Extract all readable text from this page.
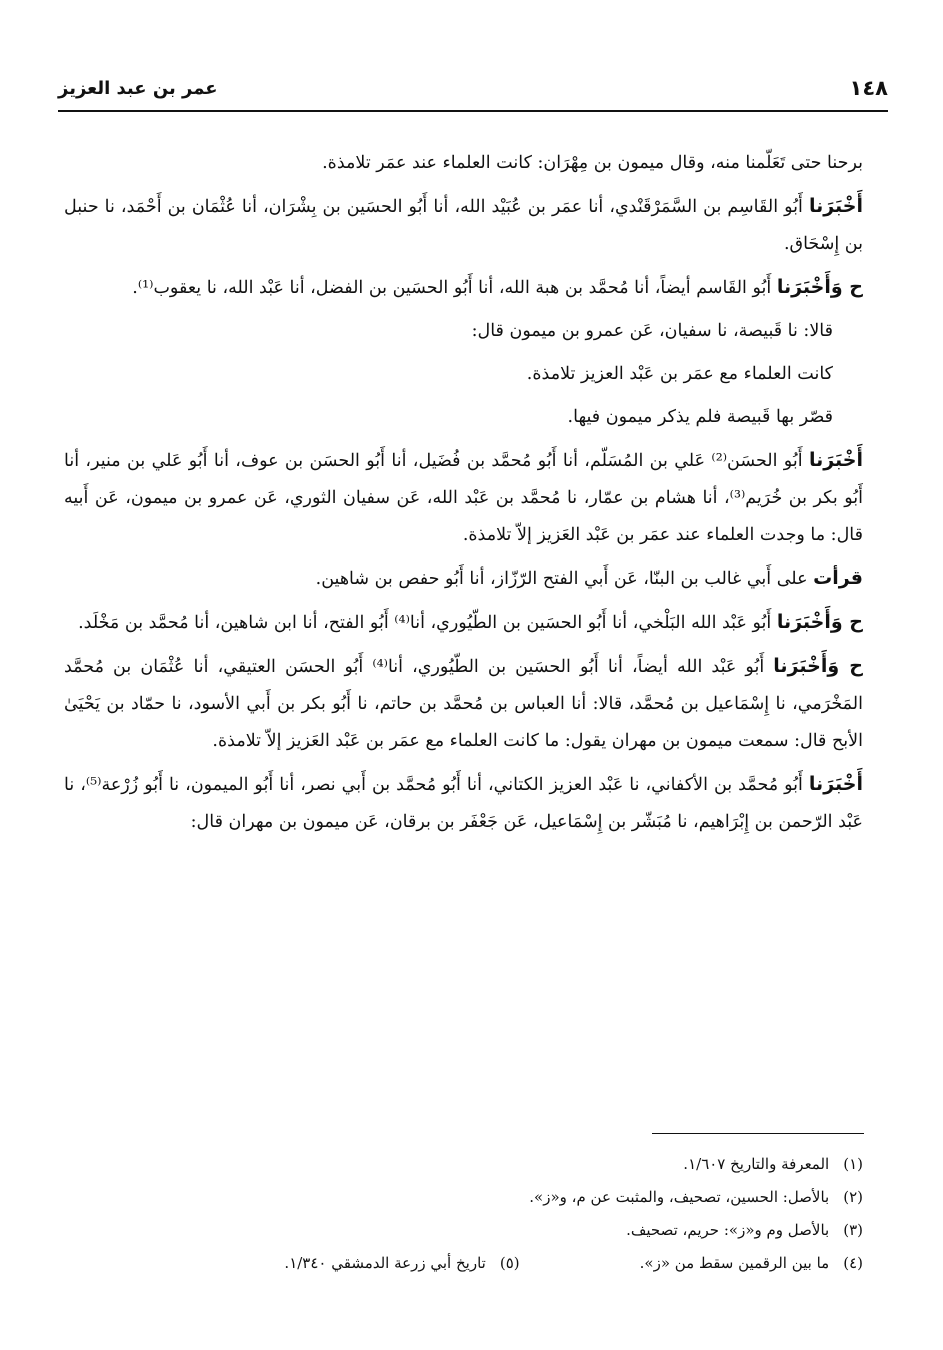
١٤٨
عمر بن عبد العزيز

برحنا حتى تَعَلّمنا منه، وقال ميمون بن مِهْرَان: كانت العلماء عند عمَر تلامذة.

أَخْبَرَنا أَبُو القَاسِم بن السَّمَرْقَنْدي، أنا عمَر بن عُبَيْد الله، أنا أَبُو الحسَين بن بِشْرَان، أنا عُثْمَان بن أَحْمَد، نا حنبل بن إِسْحَاق.

ح وَأَخْبَرَنا أَبُو القَاسم أيضاً، أنا مُحمَّد بن هبة الله، أنا أَبُو الحسَين بن الفضل، أنا عَبْد الله، نا يعقوب⁽¹⁾.

قالا: نا قَبيصة، نا سفيان، عَن عمرو بن ميمون قال:

كانت العلماء مع عمَر بن عَبْد العزيز تلامذة.

قصّر بها قَبيصة فلم يذكر ميمون فيها.

أَخْبَرَنا أَبُو الحسَن⁽²⁾ عَلي بن المُسَلّم، أنا أَبُو مُحمَّد بن فُضَيل، أنا أَبُو الحسَن بن عوف، أنا أَبُو عَلي بن منير، أنا أَبُو بكر بن خُرَيم⁽³⁾، أنا هشام بن عمّار، نا مُحمَّد بن عَبْد الله، عَن سفيان الثوري، عَن عمرو بن ميمون، عَن أَبيه قال: ما وجدت العلماء عند عمَر بن عَبْد العَزيز إلاّ تلامذة.

قرأت على أَبي غالب بن البنّا، عَن أَبي الفتح الرّزّاز، أنا أَبُو حفص بن شاهين.

ح وَأَخْبَرَنا أَبُو عَبْد الله البَلْخي، أنا أَبُو الحسَين بن الطّيُوري، أنا⁽⁴⁾ أَبُو الفتح، أنا ابن شاهين، أنا مُحمَّد بن مَخْلَد.

ح وَأَخْبَرَنا أَبُو عَبْد الله أيضاً، أنا أَبُو الحسَين بن الطّيُوري، أنا⁽⁴⁾ أَبُو الحسَن العتيقي، أنا عُثْمَان بن مُحمَّد المَخْرَمي، نا إِسْمَاعيل بن مُحمَّد، قالا: أنا العباس بن مُحمَّد بن حاتم، نا أَبُو بكر بن أَبي الأسود، نا حمّاد بن يَحْيَىٰ الأبح قال: سمعت ميمون بن مهران يقول: ما كانت العلماء مع عمَر بن عَبْد العَزيز إلاّ تلامذة.

أَخْبَرَنا أَبُو مُحمَّد بن الأكفاني، نا عَبْد العزيز الكتاني، أنا أَبُو مُحمَّد بن أَبي نصر، أنا أَبُو الميمون، نا أَبُو زُرْعة⁽⁵⁾، نا عَبْد الرّحمن بن إِبْرَاهيم، نا مُبَشّر بن إِسْمَاعيل، عَن جَعْفَر بن برقان، عَن ميمون بن مهران قال:

(١)المعرفة والتاريخ ١/٦٠٧.
(٢)بالأصل: الحسين، تصحيف، والمثبت عن م، و«ز».
(٣)بالأصل وم و«ز»: حريم، تصحيف.
(٤)ما بين الرقمين سقط من «ز».
(٥)تاريخ أبي زرعة الدمشقي ١/٣٤٠.
